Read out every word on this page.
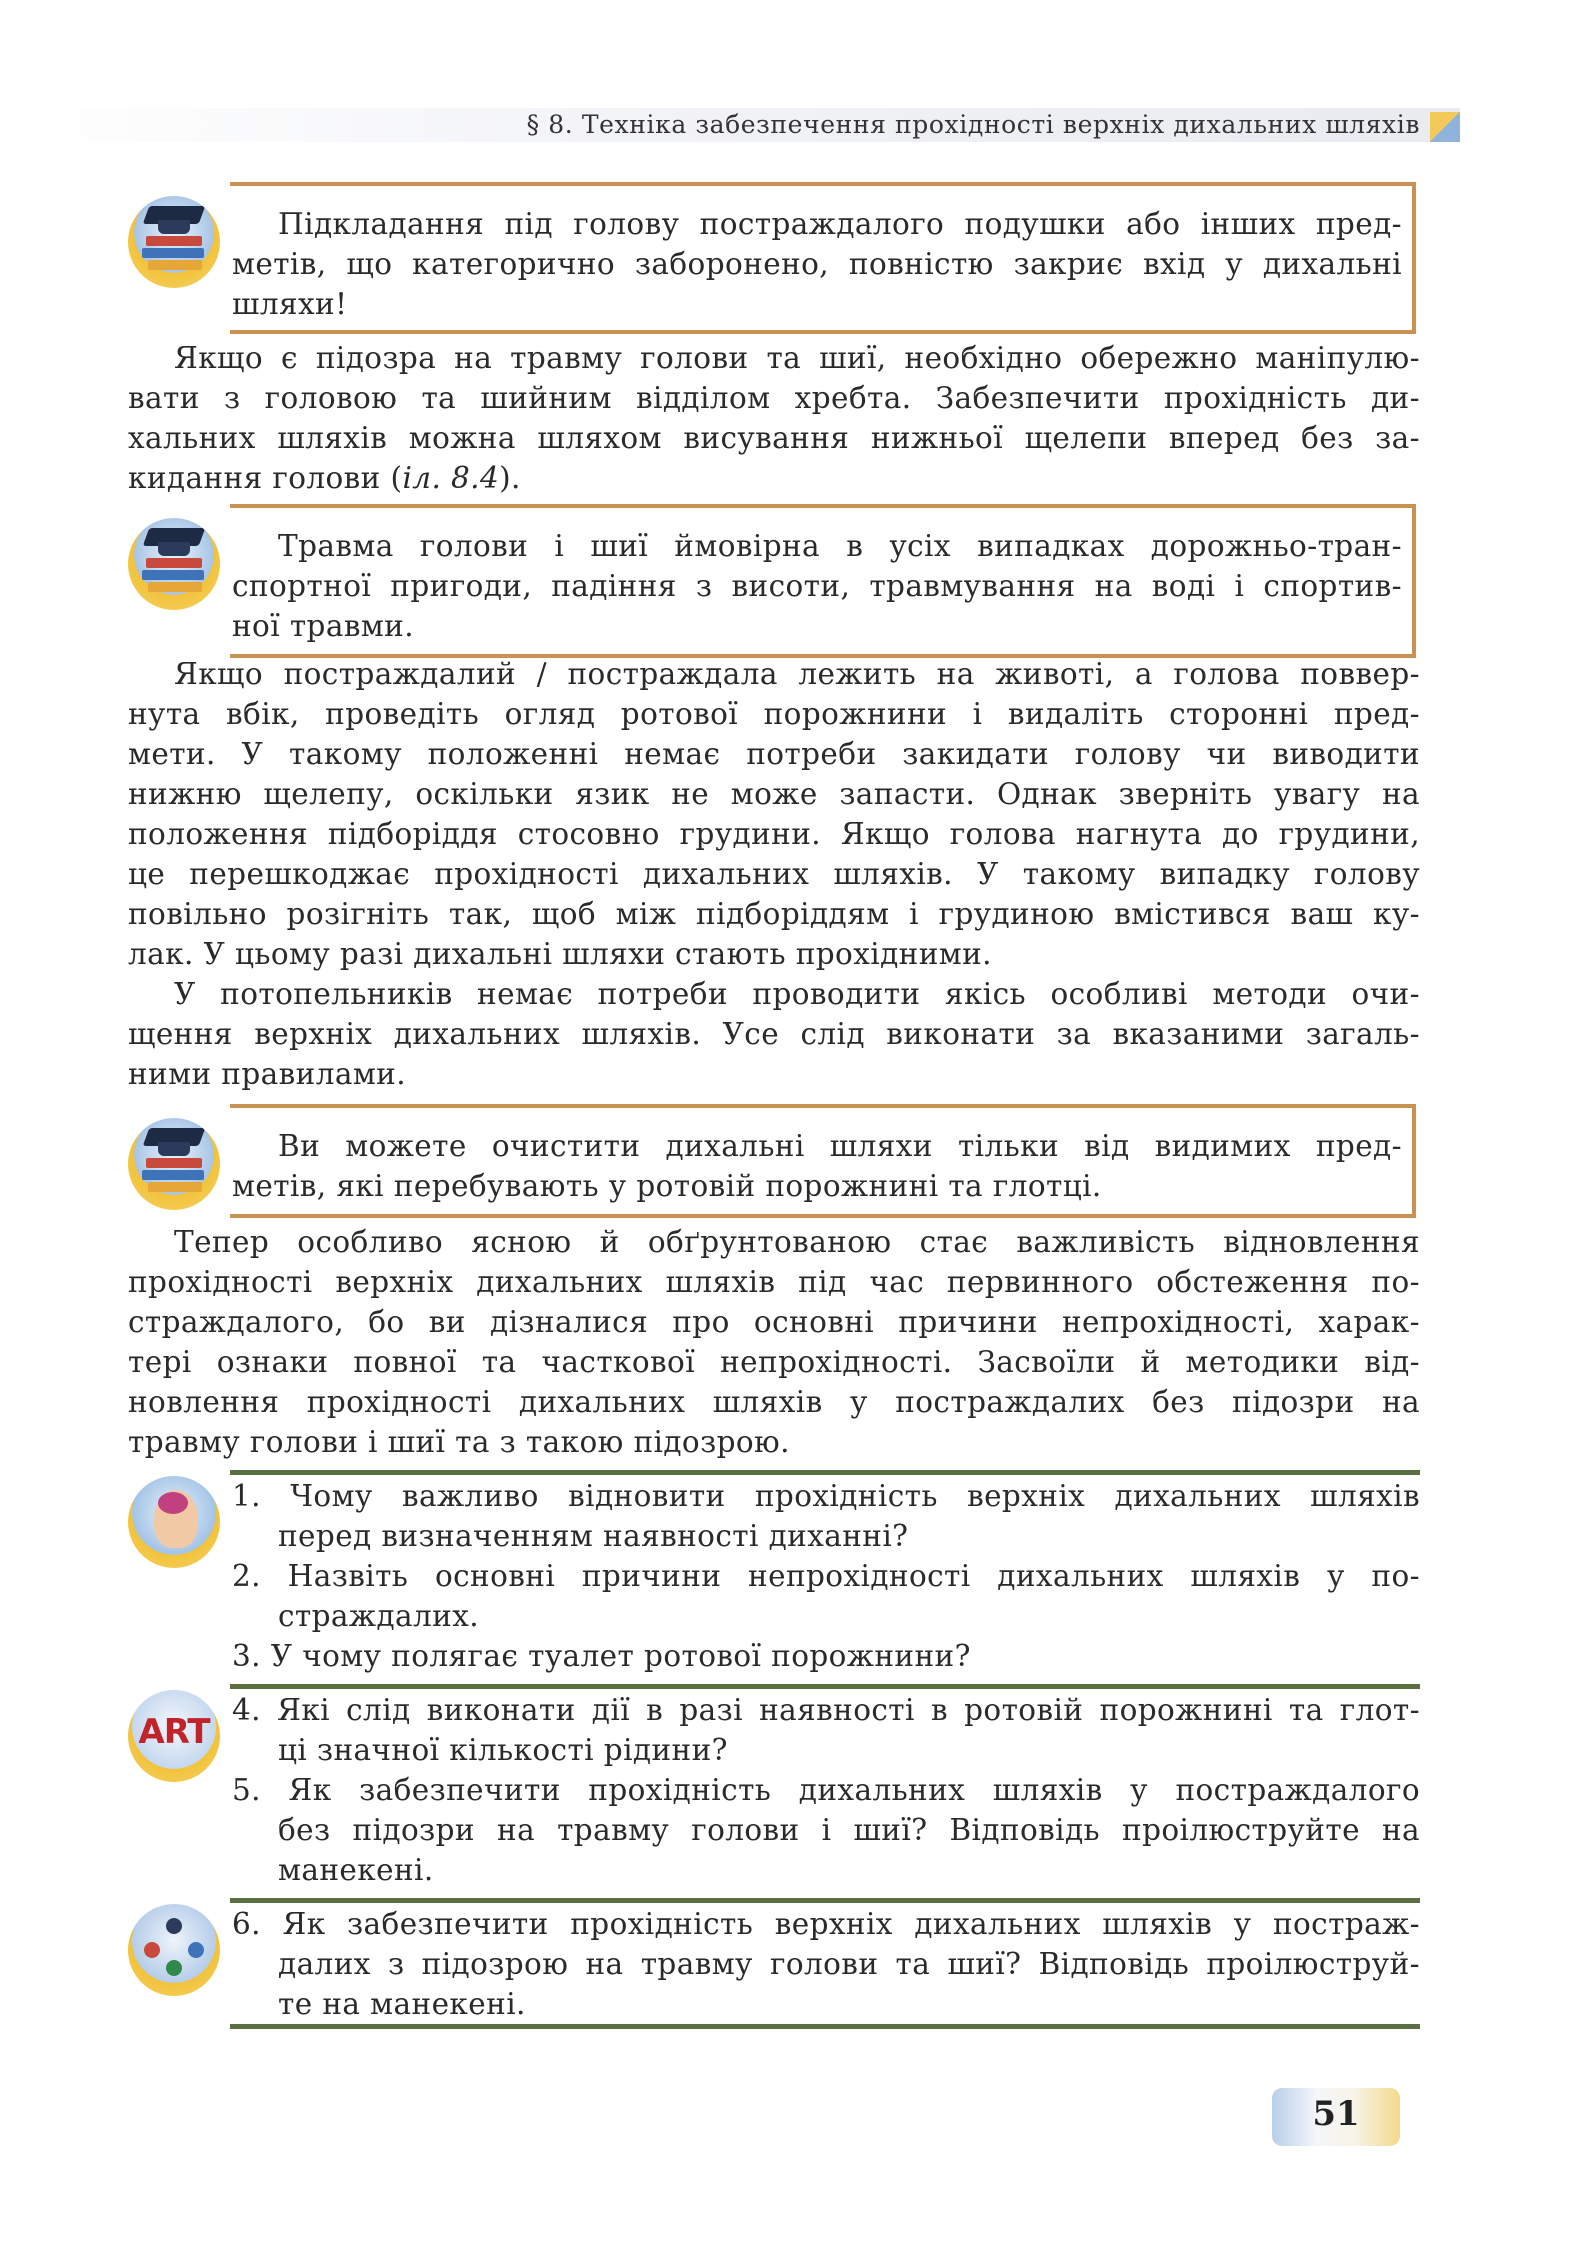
§ 8. Техніка забезпечення прохідності верхніх дихальних шляхів
Підкладання під голову постраждалого подушки або інших пред-
метів, що категорично заборонено, повністю закриє вхід у дихальні
шляхи!
Якщо є підозра на травму голови та шиї, необхідно обережно маніпулю-
вати з головою та шийним відділом хребта. Забезпечити прохідність ди-
хальних шляхів можна шляхом висування нижньої щелепи вперед без за-
кидання голови (іл. 8.4).
Травма голови і шиї ймовірна в усіх випадках дорожньо-тран-
спортної пригоди, падіння з висоти, травмування на воді і спортив-
ної травми.
Якщо постраждалий / постраждала лежить на животі, а голова поввер-
нута вбік, проведіть огляд ротової порожнини і видаліть сторонні пред-
мети. У такому положенні немає потреби закидати голову чи виводити
нижню щелепу, оскільки язик не може запасти. Однак зверніть увагу на
положення підборіддя стосовно грудини. Якщо голова нагнута до грудини,
це перешкоджає прохідності дихальних шляхів. У такому випадку голову
повільно розігніть так, щоб між підборіддям і грудиною вмістився ваш ку-
лак. У цьому разі дихальні шляхи стають прохідними.
У потопельників немає потреби проводити якісь особливі методи очи-
щення верхніх дихальних шляхів. Усе слід виконати за вказаними загаль-
ними правилами.
Ви можете очистити дихальні шляхи тільки від видимих пред-
метів, які перебувають у ротовій порожнині та глотці.
Тепер особливо ясною й обґрунтованою стає важливість відновлення
прохідності верхніх дихальних шляхів під час первинного обстеження по-
страждалого, бо ви дізналися про основні причини непрохідності, харак-
тері ознаки повної та часткової непрохідності. Засвоїли й методики від-
новлення прохідності дихальних шляхів у постраждалих без підозри на
травму голови і шиї та з такою підозрою.
1. Чому важливо відновити прохідність верхніх дихальних шляхів
перед визначенням наявності диханні?
2. Назвіть основні причини непрохідності дихальних шляхів у по-
страждалих.
3. У чому полягає туалет ротової порожнини?
ART
4. Які слід виконати дії в разі наявності в ротовій порожнині та глот-
ці значної кількості рідини?
5. Як забезпечити прохідність дихальних шляхів у постраждалого
без підозри на травму голови і шиї? Відповідь проілюструйте на
манекені.
6. Як забезпечити прохідність верхніх дихальних шляхів у постраж-
далих з підозрою на травму голови та шиї? Відповідь проілюструй-
те на манекені.
51
